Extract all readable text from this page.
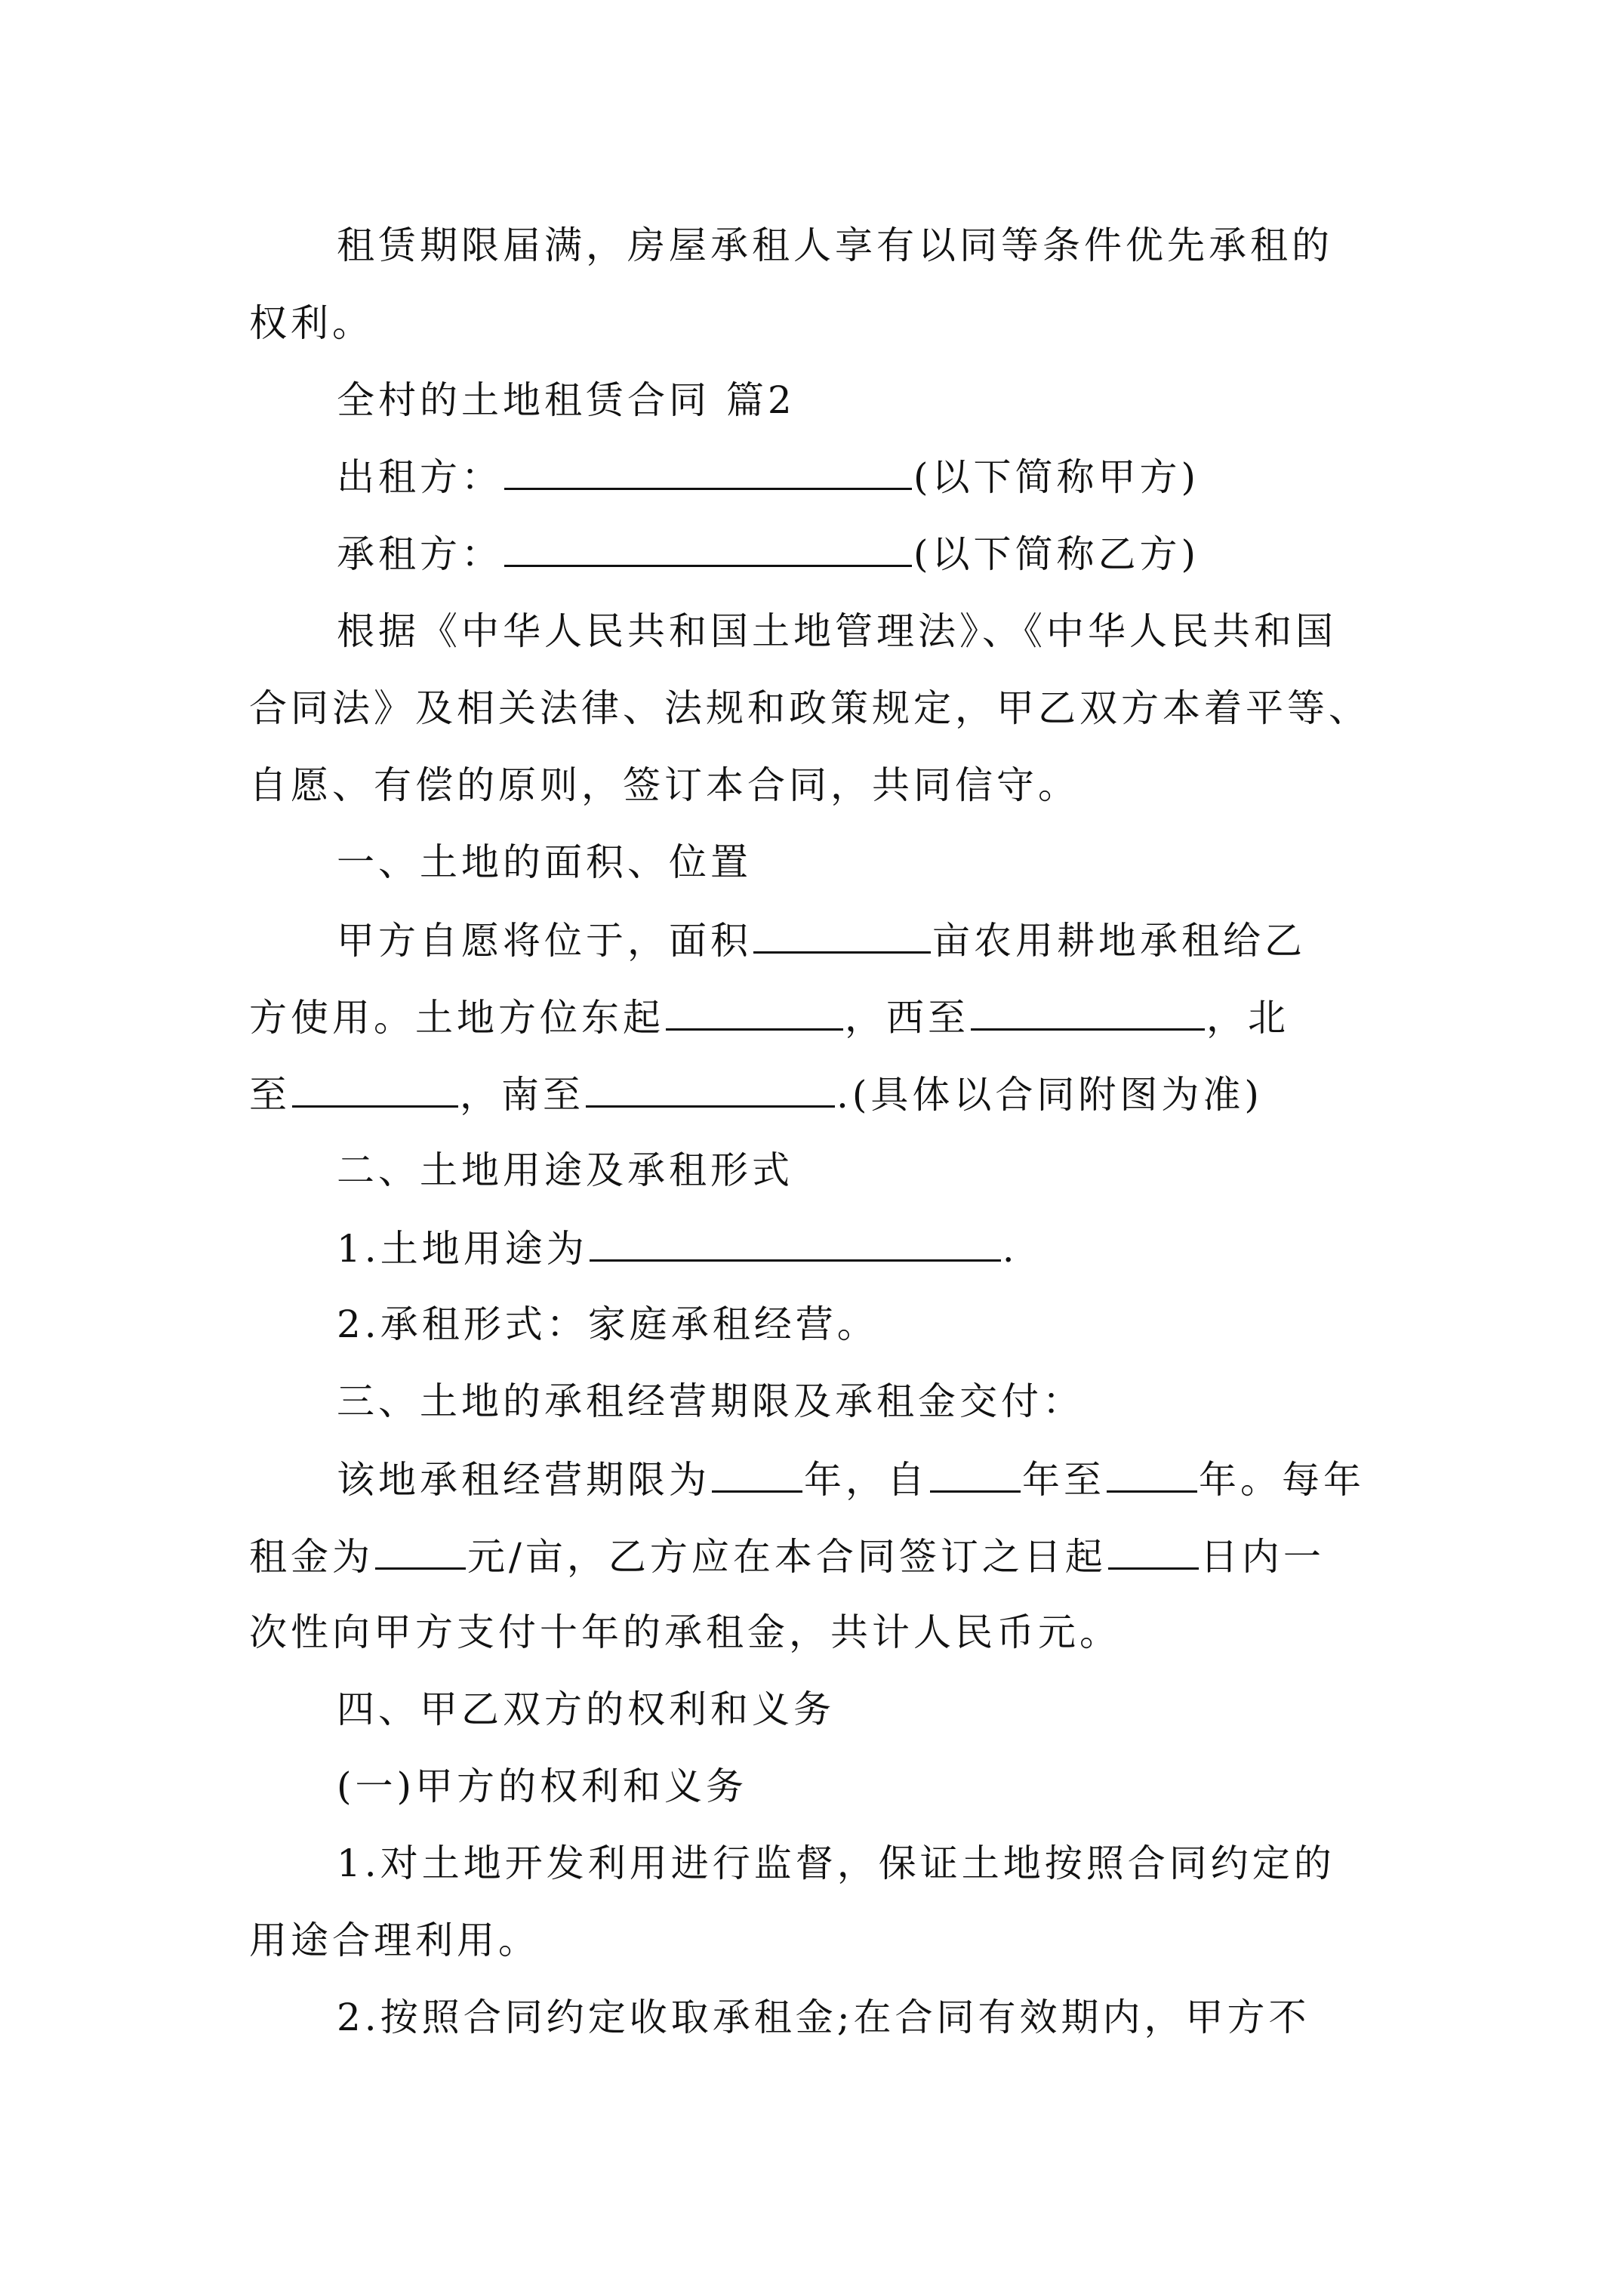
租赁期限届满，房屋承租人享有以同等条件优先承租的
权利。
全村的土地租赁合同 篇2
出租方：	(以下简称甲方)
承租方：	(以下简称乙方)
根据《中华人民共和国土地管理法》、《中华人民共和国
合同法》及相关法律、法规和政策规定，甲乙双方本着平等、
自愿、有偿的原则，签订本合同，共同信守。
一、土地的面积、位置
甲方自愿将位于，面积	亩农用耕地承租给乙
方使用。土地方位东起	，西至	，北
至	，南至	.(具体以合同附图为准)
二、土地用途及承租形式
1.土地用途为	.
2.承租形式：家庭承租经营。
三、土地的承租经营期限及承租金交付：
该地承租经营期限为 年，自 年至 年。每年
租金为 元/亩，乙方应在本合同签订之日起 日内一
次性向甲方支付十年的承租金，共计人民币元。
四、甲乙双方的权利和义务
(一)甲方的权利和义务
1.对土地开发利用进行监督，保证土地按照合同约定的
用途合理利用。
2.按照合同约定收取承租金;在合同有效期内，甲方不
